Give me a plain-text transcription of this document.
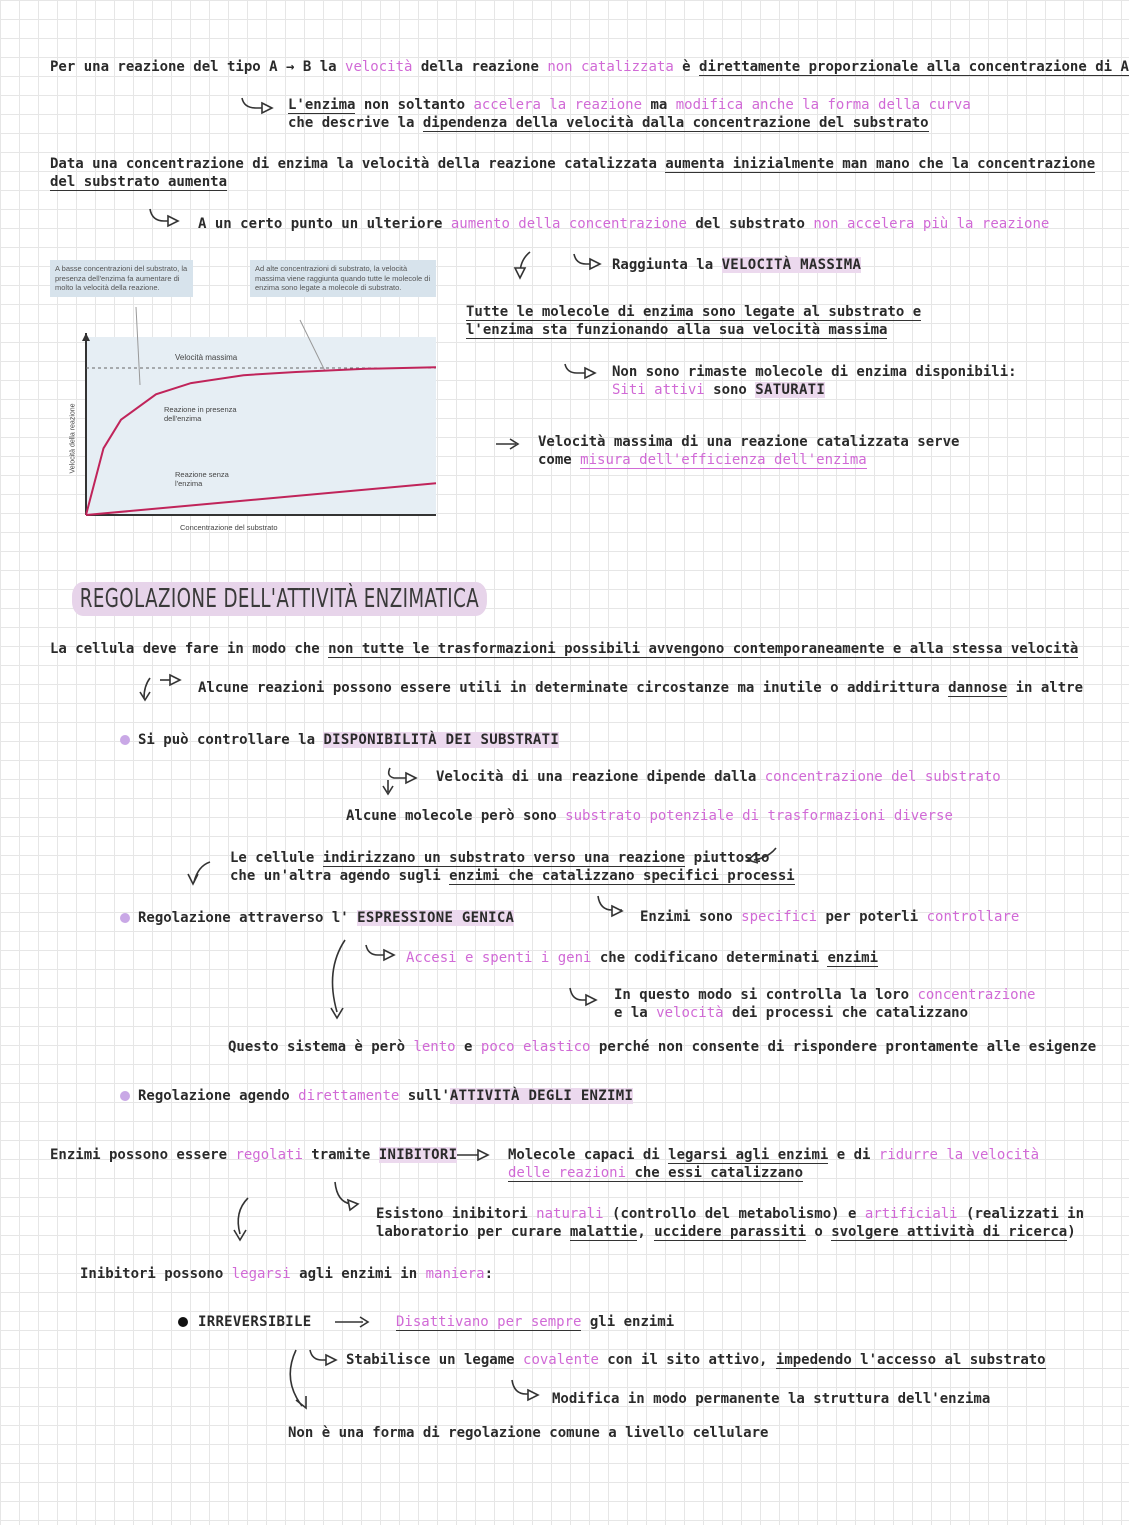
Per una reazione del tipo A → B la velocità della reazione non catalizzata è direttamente proporzionale alla concentrazione di A
L'enzima non soltanto accelera la reazione ma modifica anche la forma della curva
che descrive la dipendenza della velocità dalla concentrazione del substrato
Data una concentrazione di enzima la velocità della reazione catalizzata aumenta inizialmente man mano che la concentrazione
del substrato aumenta
A un certo punto un ulteriore aumento della concentrazione del substrato non accelera più la reazione
Raggiunta la VELOCITÀ MASSIMA
Tutte le molecole di enzima sono legate al substrato e
l'enzima sta funzionando alla sua velocità massima
Non sono rimaste molecole di enzima disponibili:
Siti attivi sono SATURATI
Velocità massima di una reazione catalizzata serve
come misura dell'efficienza dell'enzima
A basse concentrazioni del substrato, la presenza dell'enzima fa aumentare di molto la velocità della reazione.
Ad alte concentrazioni di substrato, la velocità massima viene raggiunta quando tutte le molecole di enzima sono legate a molecole di substrato.
Velocità massima
Reazione in presenza dell'enzima
Reazione senza l'enzima
Concentrazione del substrato
Velocità della reazione
REGOLAZIONE DELL'ATTIVITÀ ENZIMATICA
La cellula deve fare in modo che non tutte le trasformazioni possibili avvengono contemporaneamente e alla stessa velocità
Alcune reazioni possono essere utili in determinate circostanze ma inutile o addirittura dannose in altre
Si può controllare la DISPONIBILITÀ DEI SUBSTRATI
Velocità di una reazione dipende dalla concentrazione del substrato
Alcune molecole però sono substrato potenziale di trasformazioni diverse
Le cellule indirizzano un substrato verso una reazione piuttosto
che un'altra agendo sugli enzimi che catalizzano specifici processi
Regolazione attraverso l' ESPRESSIONE GENICA	Enzimi sono specifici per poterli controllare
Accesi e spenti i geni che codificano determinati enzimi
In questo modo si controlla la loro concentrazione
e la velocità dei processi che catalizzano
Questo sistema è però lento e poco elastico perché non consente di rispondere prontamente alle esigenze
Regolazione agendo direttamente sull'ATTIVITÀ DEGLI ENZIMI
Enzimi possono essere regolati tramite INIBITORI	Molecole capaci di legarsi agli enzimi e di ridurre la velocità
delle reazioni che essi catalizzano
Esistono inibitori naturali (controllo del metabolismo) e artificiali (realizzati in
laboratorio per curare malattie, uccidere parassiti o svolgere attività di ricerca)
Inibitori possono legarsi agli enzimi in maniera:
IRREVERSIBILE	Disattivano per sempre gli enzimi
Stabilisce un legame covalente con il sito attivo, impedendo l'accesso al substrato
Modifica in modo permanente la struttura dell'enzima
Non è una forma di regolazione comune a livello cellulare
